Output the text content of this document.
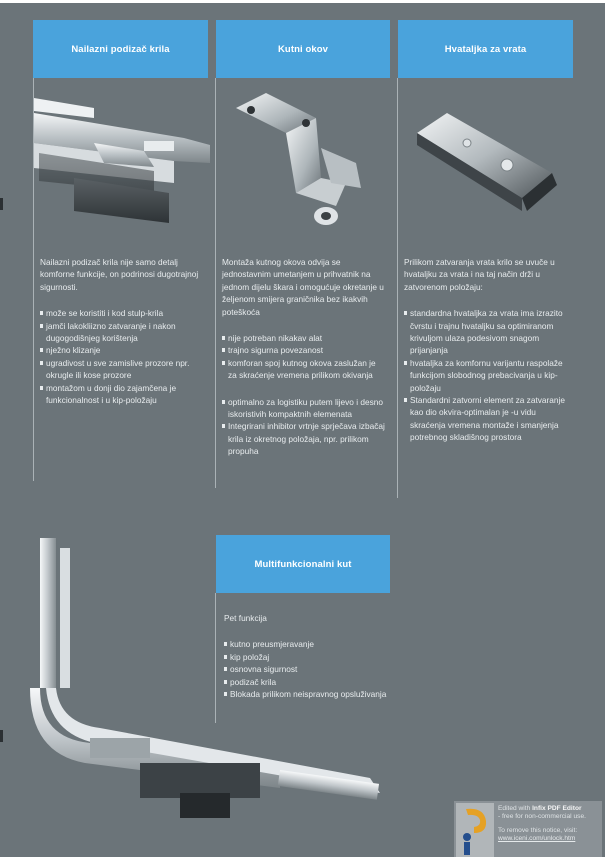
Nailazni podizač krila	Kutni okov	Hvataljka za vrata
Multifunkcionalni kut

Nailazni podizač krila nije samo detalj komforne funkcije, on podrinosi dugotrajnoj sigurnosti.

može se koristiti i kod stulp-krila
jamči lakokliizno zatvaranje i nakon dugogodišnjeg korištenja
nježno klizanje
ugradivost u sve zamislive prozore npr. okrugle ili kose prozore
montažom u donji dio zajamčena je funkcionalnost i u kip-položaju

Montaža kutnog okova odvija se jednostavnim umetanjem u prihvatnik na jednom dijelu škara i omogućuje okretanje u željenom smijera graničnika bez ikakvih poteškoća

nije potreban nikakav alat
trajno sigurna povezanost
komforan spoj kutnog okova zaslužan je za skraćenje vremena prilikom okivanja
optimalno za logistiku putem lijevo i desno iskoristivih kompaktnih elemenata
Integrirani inhibitor vrtnje sprječava izbačaj krila iz okretnog položaja, npr. prilikom propuha

Prilikom zatvaranja vrata krilo se uvuče u hvataljku za vrata i na taj način drži u zatvorenom položaju:

standardna hvataljka za vrata ima izrazito čvrstu i trajnu hvataljku sa optimiranom krivuljom ulaza podesivom snagom prijanjanja
hvataljka za komfornu varijantu raspolaže funkcijom slobodnog prebacivanja u kip-položaju
Standardni zatvorni element za zatvaranje kao dio okvira-optimalan je -u vidu skraćenja vremena montaže i smanjenja potrebnog skladišnog prostora

Pet funkcija

kutno preusmjeravanje
kip položaj
osnovna sigurnost
podizač krila
Blokada prilikom neispravnog opsluživanja
Edited with Infix PDF Editor
- free for non-commercial use.
To remove this notice, visit:
www.iceni.com/unlock.htm
